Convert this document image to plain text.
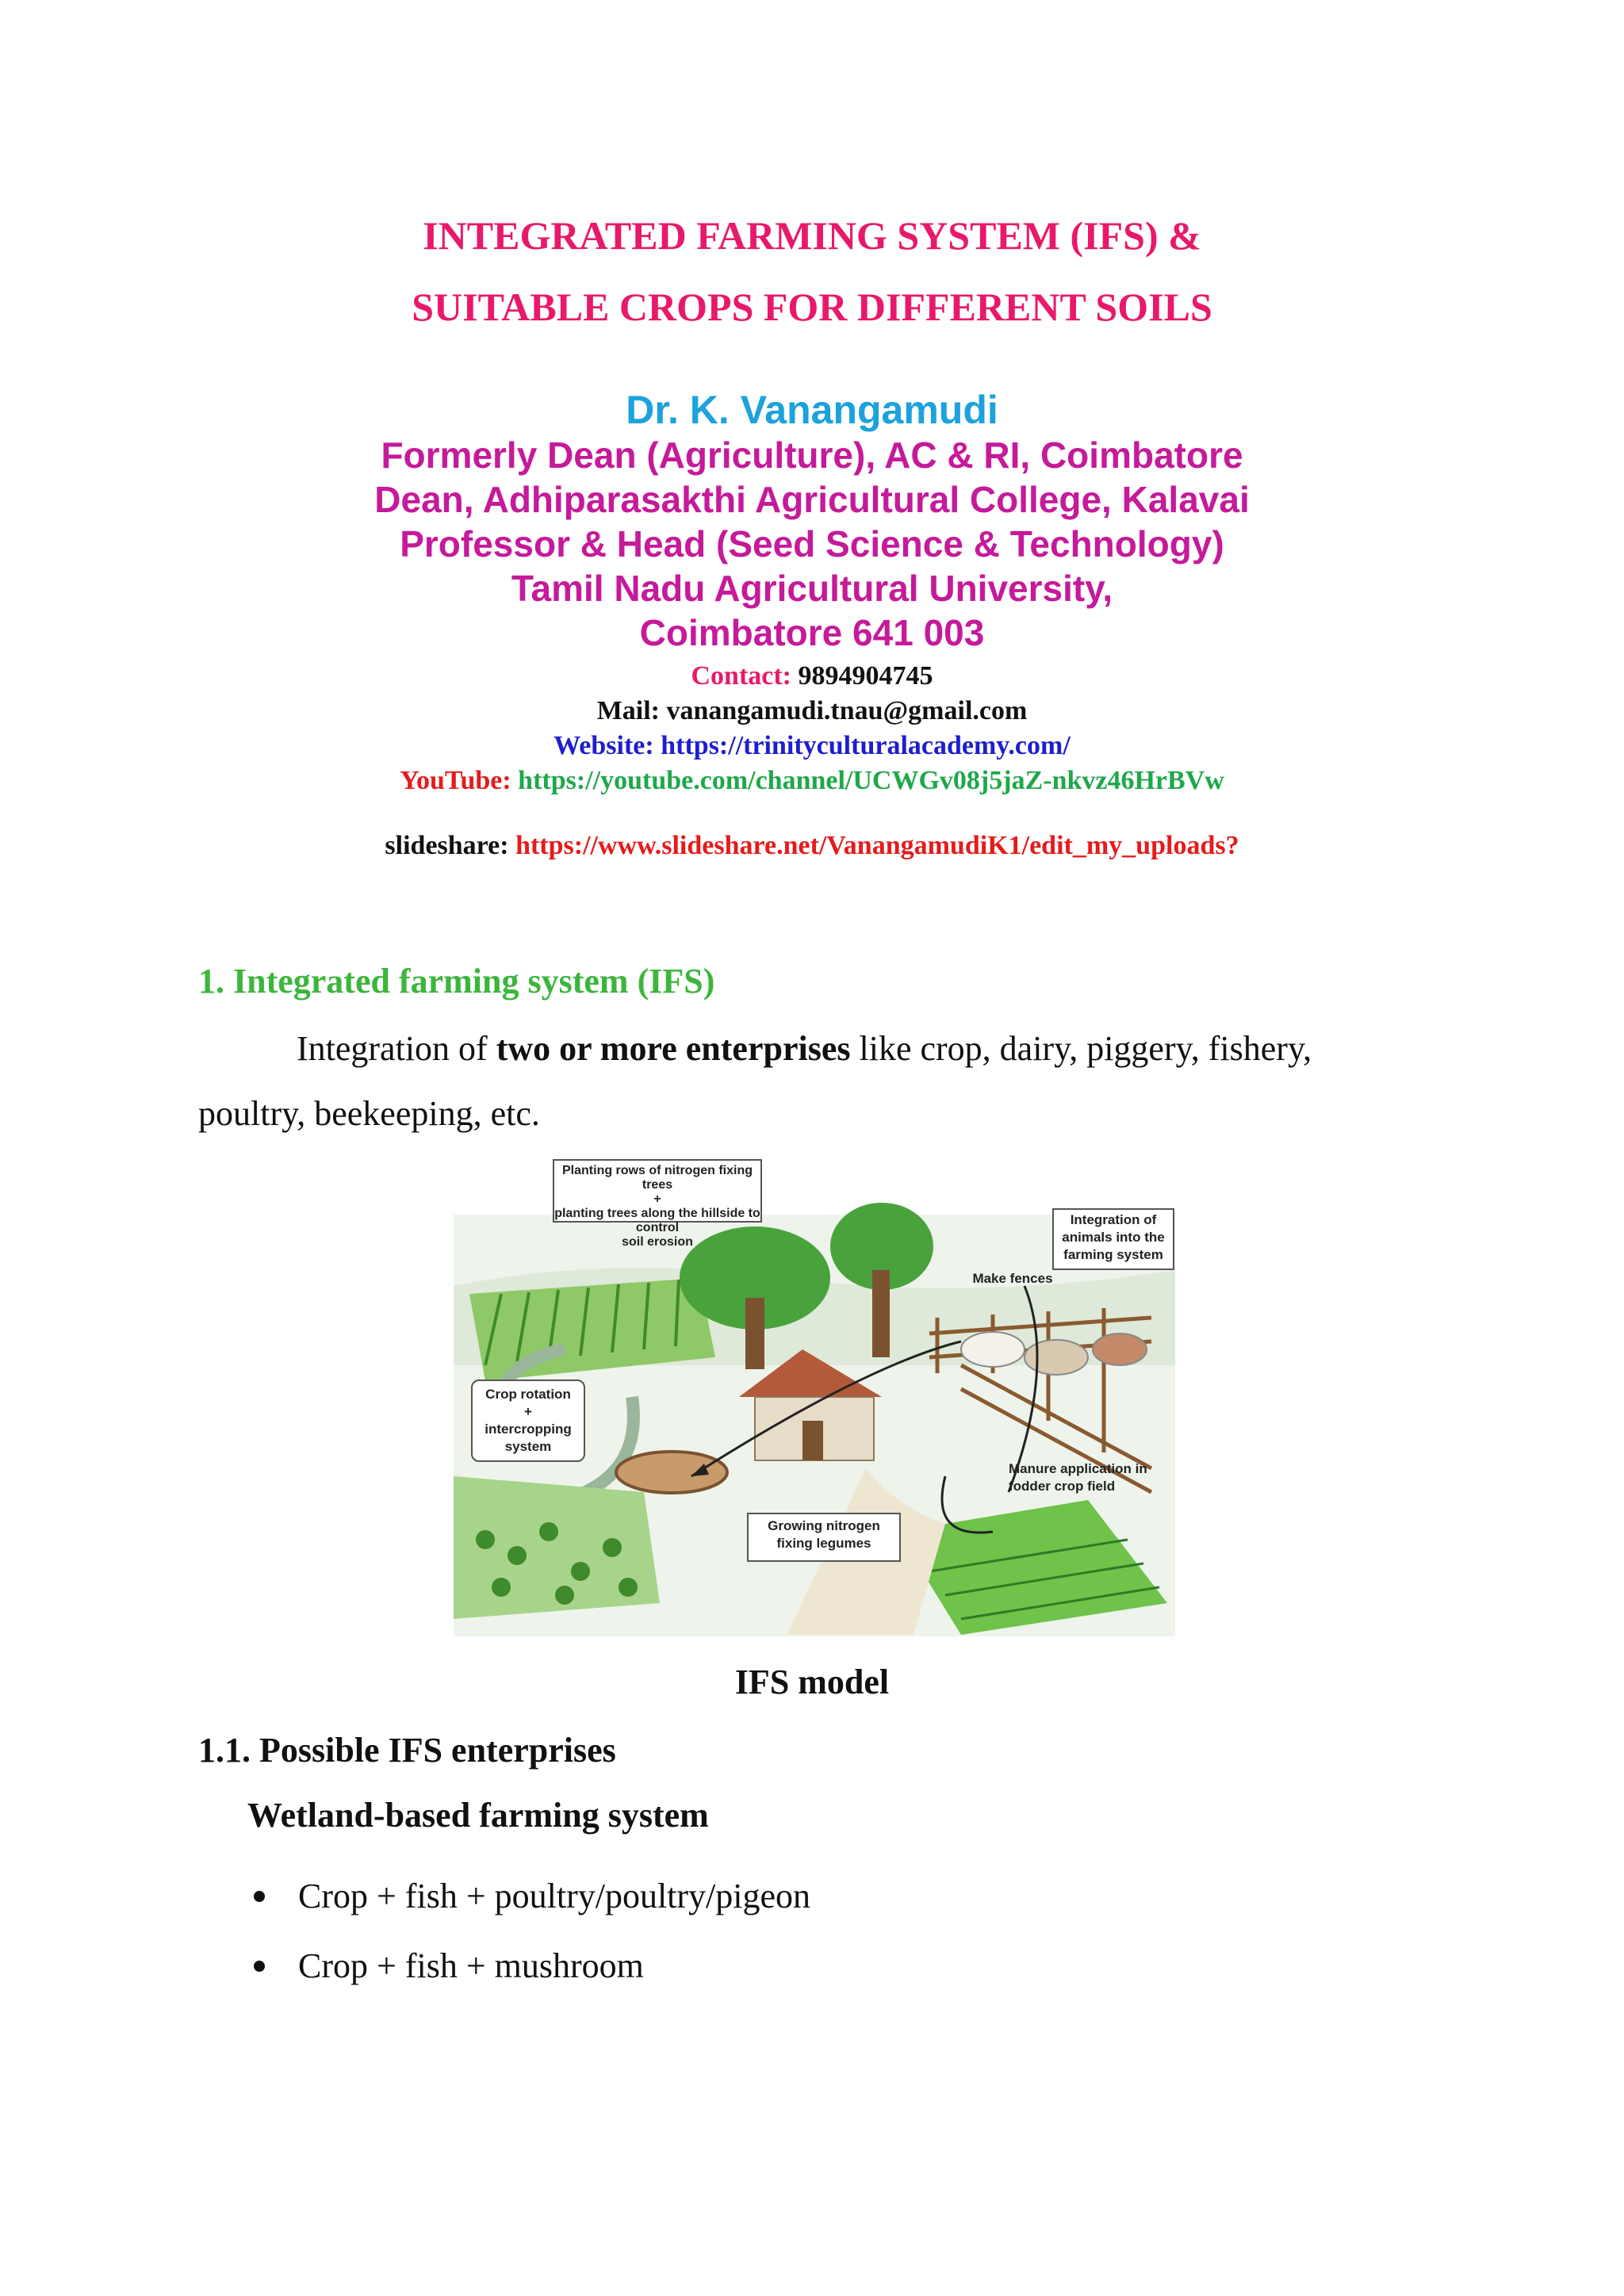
INTEGRATED FARMING SYSTEM (IFS) &
SUITABLE CROPS FOR DIFFERENT SOILS
Dr. K. Vanangamudi
Formerly Dean (Agriculture), AC & RI, Coimbatore
Dean, Adhiparasakthi Agricultural College, Kalavai
Professor & Head (Seed Science & Technology)
Tamil Nadu Agricultural University,
Coimbatore 641 003
Contact: 9894904745
Mail: vanangamudi.tnau@gmail.com
Website: https://trinityculturalacademy.com/
YouTube: https://youtube.com/channel/UCWGv08j5jaZ-nkvz46HrBVw
slideshare: https://www.slideshare.net/VanangamudiK1/edit_my_uploads?
1. Integrated farming system (IFS)
Integration of two or more enterprises like crop, dairy, piggery, fishery,
poultry, beekeeping, etc.
Planting rows of nitrogen fixing trees
+
planting trees along the hillside to control
soil erosion
Integration of
animals into the
farming system
Make fences
Crop rotation
+
intercropping
system
Manure application in
fodder crop field
Growing nitrogen
fixing legumes
IFS model
1.1. Possible IFS enterprises
Wetland-based farming system
Crop + fish + poultry/poultry/pigeon
Crop + fish + mushroom
